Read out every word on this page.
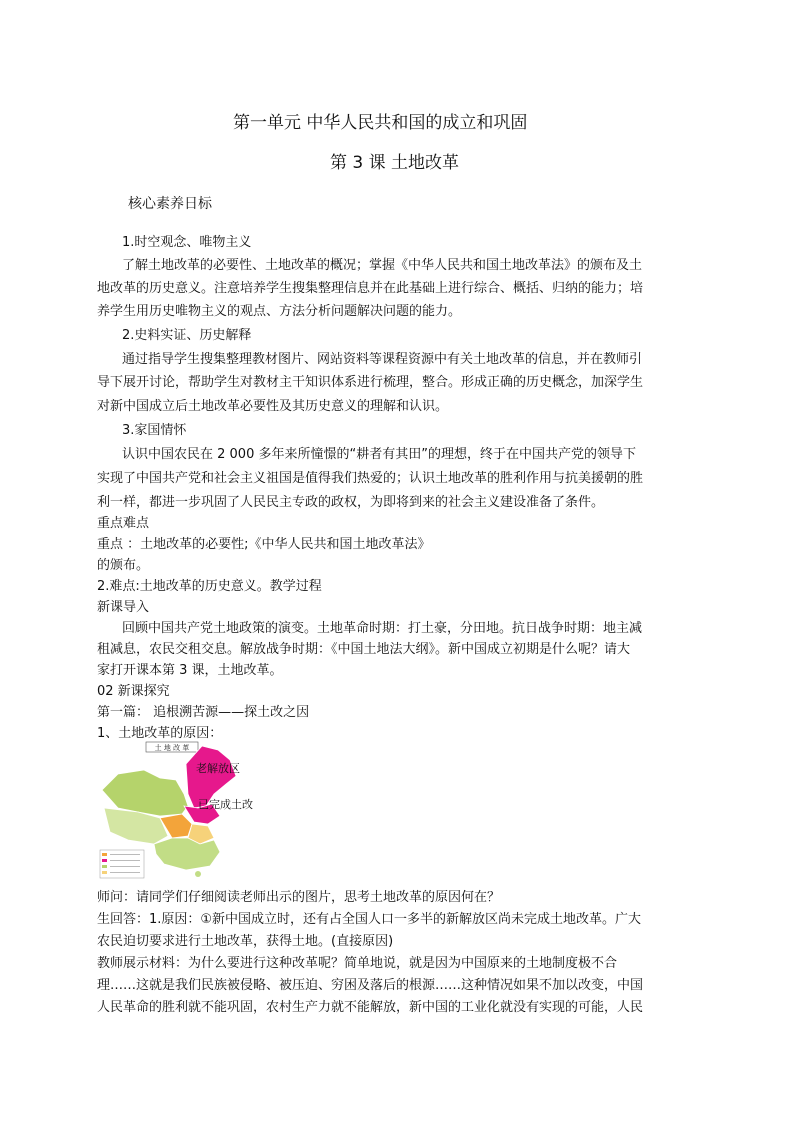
第一单元 中华人民共和国的成立和巩固
第 3 课 土地改革
核心素养日标
1.时空观念、唯物主义
了解土地改革的必要性、土地改革的概况；掌握《中华人民共和国土地改革法》的颁布及土
地改革的历史意义。注意培养学生搜集整理信息并在此基础上进行综合、概括、归纳的能力；培
养学生用历史唯物主义的观点、方法分析问题解决问题的能力。
2.史料实证、历史解释
通过指导学生搜集整理教材图片、网站资料等课程资源中有关土地改革的信息，并在教师引
导下展开讨论，帮助学生对教材主干知识体系进行梳理，整合。形成正确的历史概念，加深学生
对新中国成立后土地改革必要性及其历史意义的理解和认识。
3.家国情怀
认识中国农民在 2 000 多年来所憧憬的“耕者有其田”的理想，终于在中国共产党的领导下
实现了中国共产党和社会主义祖国是值得我们热爱的；认识土地改革的胜利作用与抗美援朝的胜
利一样，都进一步巩固了人民民主专政的政权，为即将到来的社会主义建设准备了条件。
重点难点
重点 ：土地改革的必要性;《中华人民共和国土地改革法》
的颁布。
2.难点:土地改革的历史意义。教学过程
新课导入
回顾中国共产党土地政策的演变。土地革命时期：打土豪，分田地。抗日战争时期：地主减
租减息，农民交租交息。解放战争时期：《中国土地法大纲》。新中国成立初期是什么呢？请大
家打开课本第 3 课，土地改革。
02 新课探究
第一篇： 追根溯苦源——探土改之因
1、土地改革的原因：
土 地 改 革
老解放区
已完成土改
师问：请同学们仔细阅读老师出示的图片，思考土地改革的原因何在？
生回答：1.原因：①新中国成立时，还有占全国人口一多半的新解放区尚未完成土地改革。广大
农民迫切要求进行土地改革，获得土地。(直接原因)
教师展示材料：为什么要进行这种改革呢？简单地说，就是因为中国原来的土地制度极不合
理……这就是我们民族被侵略、被压迫、穷困及落后的根源……这种情况如果不加以改变，中国
人民革命的胜利就不能巩固，农村生产力就不能解放，新中国的工业化就没有实现的可能，人民
